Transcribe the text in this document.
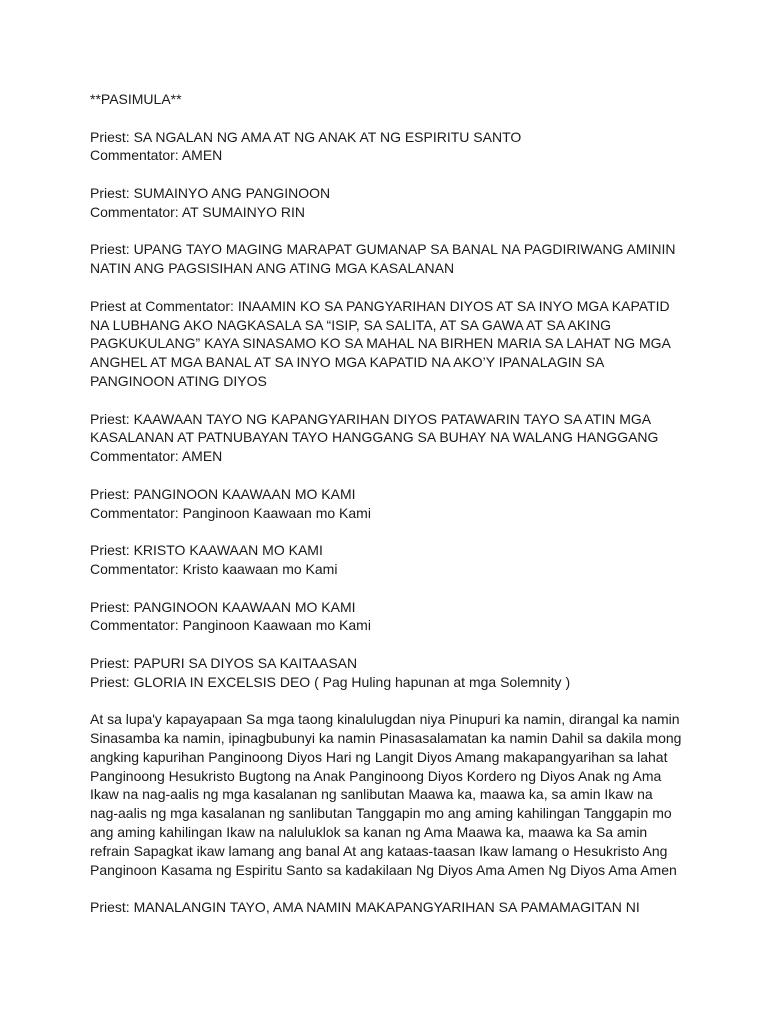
**PASIMULA**
Priest: SA NGALAN NG AMA AT NG ANAK AT NG ESPIRITU SANTO
Commentator: AMEN
Priest: SUMAINYO ANG PANGINOON
Commentator: AT SUMAINYO RIN
Priest: UPANG TAYO MAGING MARAPAT GUMANAP SA BANAL NA PAGDIRIWANG AMININ
NATIN ANG PAGSISIHAN ANG ATING MGA KASALANAN
Priest at Commentator: INAAMIN KO SA PANGYARIHAN DIYOS AT SA INYO MGA KAPATID
NA LUBHANG AKO NAGKASALA SA “ISIP, SA SALITA, AT SA GAWA AT SA AKING
PAGKUKULANG” KAYA SINASAMO KO SA MAHAL NA BIRHEN MARIA SA LAHAT NG MGA
ANGHEL AT MGA BANAL AT SA INYO MGA KAPATID NA AKO’Y IPANALAGIN SA
PANGINOON ATING DIYOS
Priest: KAAWAAN TAYO NG KAPANGYARIHAN DIYOS PATAWARIN TAYO SA ATIN MGA
KASALANAN AT PATNUBAYAN TAYO HANGGANG SA BUHAY NA WALANG HANGGANG
Commentator: AMEN
Priest: PANGINOON KAAWAAN MO KAMI
Commentator: Panginoon Kaawaan mo Kami
Priest: KRISTO KAAWAAN MO KAMI
Commentator: Kristo kaawaan mo Kami
Priest: PANGINOON KAAWAAN MO KAMI
Commentator: Panginoon Kaawaan mo Kami
Priest: PAPURI SA DIYOS SA KAITAASAN
Priest: GLORIA IN EXCELSIS DEO ( Pag Huling hapunan at mga Solemnity )
At sa lupa'y kapayapaan Sa mga taong kinalulugdan niya Pinupuri ka namin, dirangal ka namin
Sinasamba ka namin, ipinagbubunyi ka namin Pinasasalamatan ka namin Dahil sa dakila mong
angking kapurihan Panginoong Diyos Hari ng Langit Diyos Amang makapangyarihan sa lahat
Panginoong Hesukristo Bugtong na Anak Panginoong Diyos Kordero ng Diyos Anak ng Ama
Ikaw na nag-aalis ng mga kasalanan ng sanlibutan Maawa ka, maawa ka, sa amin Ikaw na
nag-aalis ng mga kasalanan ng sanlibutan Tanggapin mo ang aming kahilingan Tanggapin mo
ang aming kahilingan Ikaw na naluluklok sa kanan ng Ama Maawa ka, maawa ka Sa amin
refrain Sapagkat ikaw lamang ang banal At ang kataas-taasan Ikaw lamang o Hesukristo Ang
Panginoon Kasama ng Espiritu Santo sa kadakilaan Ng Diyos Ama Amen Ng Diyos Ama Amen
Priest: MANALANGIN TAYO, AMA NAMIN MAKAPANGYARIHAN SA PAMAMAGITAN NI
